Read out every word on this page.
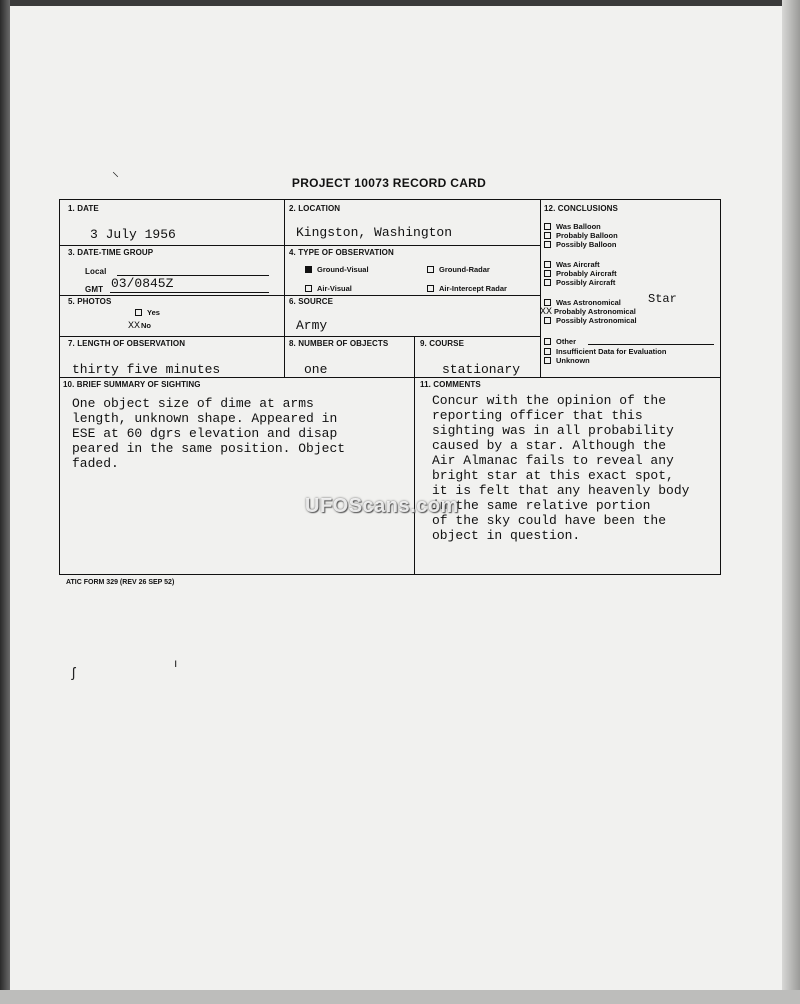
⸜
ʃ
ı
PROJECT 10073 RECORD CARD
1. DATE
3 July 1956
2. LOCATION
Kingston, Washington
3. DATE-TIME GROUP
Local
GMT 03/0845Z
4. TYPE OF OBSERVATION
Ground-Visual	Ground-Radar
Air-Visual	Air-Intercept Radar
5. PHOTOS
Yes
XXNo
6. SOURCE
Army
7. LENGTH OF OBSERVATION
thirty five minutes
8. NUMBER OF OBJECTS
one
9. COURSE
stationary
10. BRIEF SUMMARY OF SIGHTING
One object size of dime at arms
length, unknown shape. Appeared in
ESE at 60 dgrs elevation and disap
peared in the same position. Object
faded.
11. COMMENTS
Concur with the opinion of the
reporting officer that this
sighting was in all probability
caused by a star. Although the
Air Almanac fails to reveal any
bright star at this exact spot,
it is felt that any heavenly body
in the same relative portion
of the sky could have been the
object in question.
12. CONCLUSIONS
Was Balloon
Probably Balloon
Possibly Balloon
Was Aircraft
Probably Aircraft
Possibly Aircraft
Was Astronomical Star
XX Probably Astronomical
Possibly Astronomical
Other
Insufficient Data for Evaluation
Unknown
ATIC FORM 329 (REV 26 SEP 52)
UFOScans.com
